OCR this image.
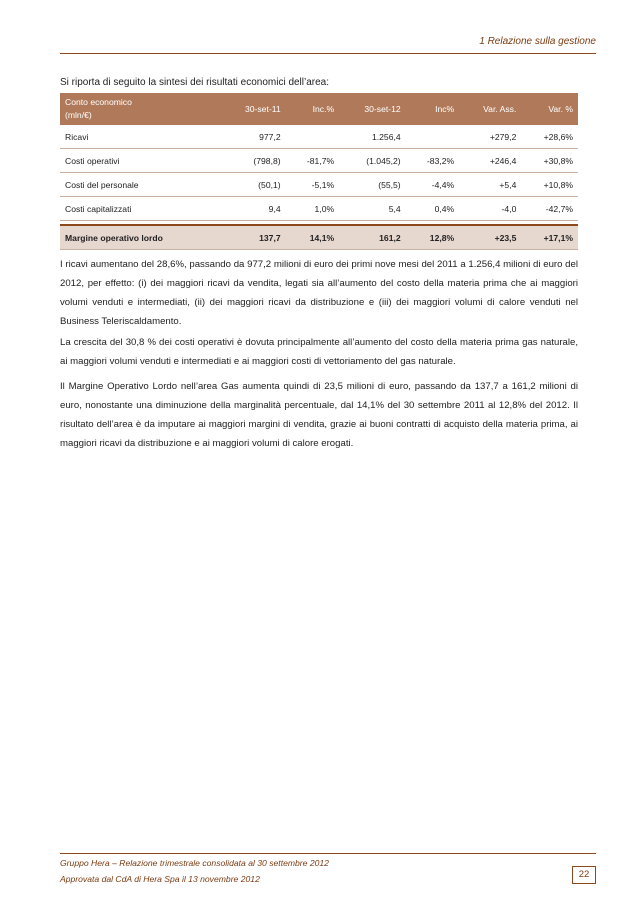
1 Relazione sulla gestione
Si riporta di seguito la sintesi dei risultati economici dell’area:
Conto economico
(mln/€)	30-set-11	Inc.%	30-set-12	Inc%	Var. Ass.	Var. %
Ricavi	977,2		1.256,4		+279,2	+28,6%
Costi operativi	(798,8)	-81,7%	(1.045,2)	-83,2%	+246,4	+30,8%
Costi del personale	(50,1)	-5,1%	(55,5)	-4,4%	+5,4	+10,8%
Costi capitalizzati	9,4	1,0%	5,4	0,4%	-4,0	-42,7%

Margine operativo lordo	137,7	14,1%	161,2	12,8%	+23,5	+17,1%
I ricavi aumentano del 28,6%, passando da 977,2 milioni di euro dei primi nove mesi del 2011 a 1.256,4 milioni di euro del 2012, per effetto: (i) dei maggiori ricavi da vendita, legati sia all’aumento del costo della materia prima che ai maggiori volumi venduti e intermediati, (ii) dei maggiori ricavi da distribuzione e (iii) dei maggiori volumi di calore venduti nel Business Teleriscaldamento.
La crescita del 30,8 % dei costi operativi è dovuta principalmente all’aumento del costo della materia prima gas naturale, ai maggiori volumi venduti e intermediati e ai maggiori costi di vettoriamento del gas naturale.
Il Margine Operativo Lordo nell’area Gas aumenta quindi di 23,5 milioni di euro, passando da 137,7 a 161,2 milioni di euro, nonostante una diminuzione della marginalità percentuale, dal 14,1% del 30 settembre 2011 al 12,8% del 2012. Il risultato dell’area è da imputare ai maggiori margini di vendita, grazie ai buoni contratti di acquisto della materia prima, ai maggiori ricavi da distribuzione e ai maggiori volumi di calore erogati.
Gruppo Hera – Relazione trimestrale consolidata al 30 settembre 2012
Approvata dal CdA di Hera Spa il 13 novembre 2012	22
